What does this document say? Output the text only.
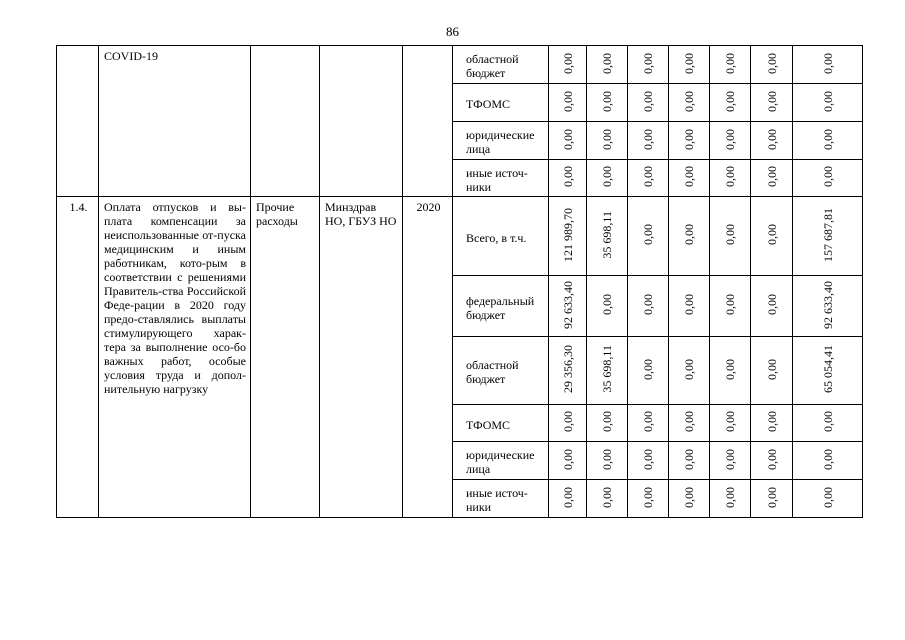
86

	COVID-19				областной бюджет	0,00	0,00	0,00	0,00	0,00	0,00	0,00

					ТФОМС	0,00	0,00	0,00	0,00	0,00	0,00	0,00

					юридические лица	0,00	0,00	0,00	0,00	0,00	0,00	0,00

					иные источ-ники	0,00	0,00	0,00	0,00	0,00	0,00	0,00

1.4.	Оплата отпусков и вы-плата компенсации за неиспользованные от-пуска медицинским и иным работникам, кото-рым в соответствии с решениями Правитель-ства Российской Феде-рации в 2020 году предо-ставлялись выплаты стимулирующего харак-тера за выполнение осо-бо важных работ, особые условия труда и допол-нительную нагрузку	Прочие расходы	Минздрав НО, ГБУЗ НО	2020	Всего, в т.ч.	121 989,70	35 698,11	0,00	0,00	0,00	0,00	157 687,81

					федеральный бюджет	92 633,40	0,00	0,00	0,00	0,00	0,00	92 633,40

					областной бюджет	29 356,30	35 698,11	0,00	0,00	0,00	0,00	65 054,41

					ТФОМС	0,00	0,00	0,00	0,00	0,00	0,00	0,00

					юридические лица	0,00	0,00	0,00	0,00	0,00	0,00	0,00

					иные источ-ники	0,00	0,00	0,00	0,00	0,00	0,00	0,00
